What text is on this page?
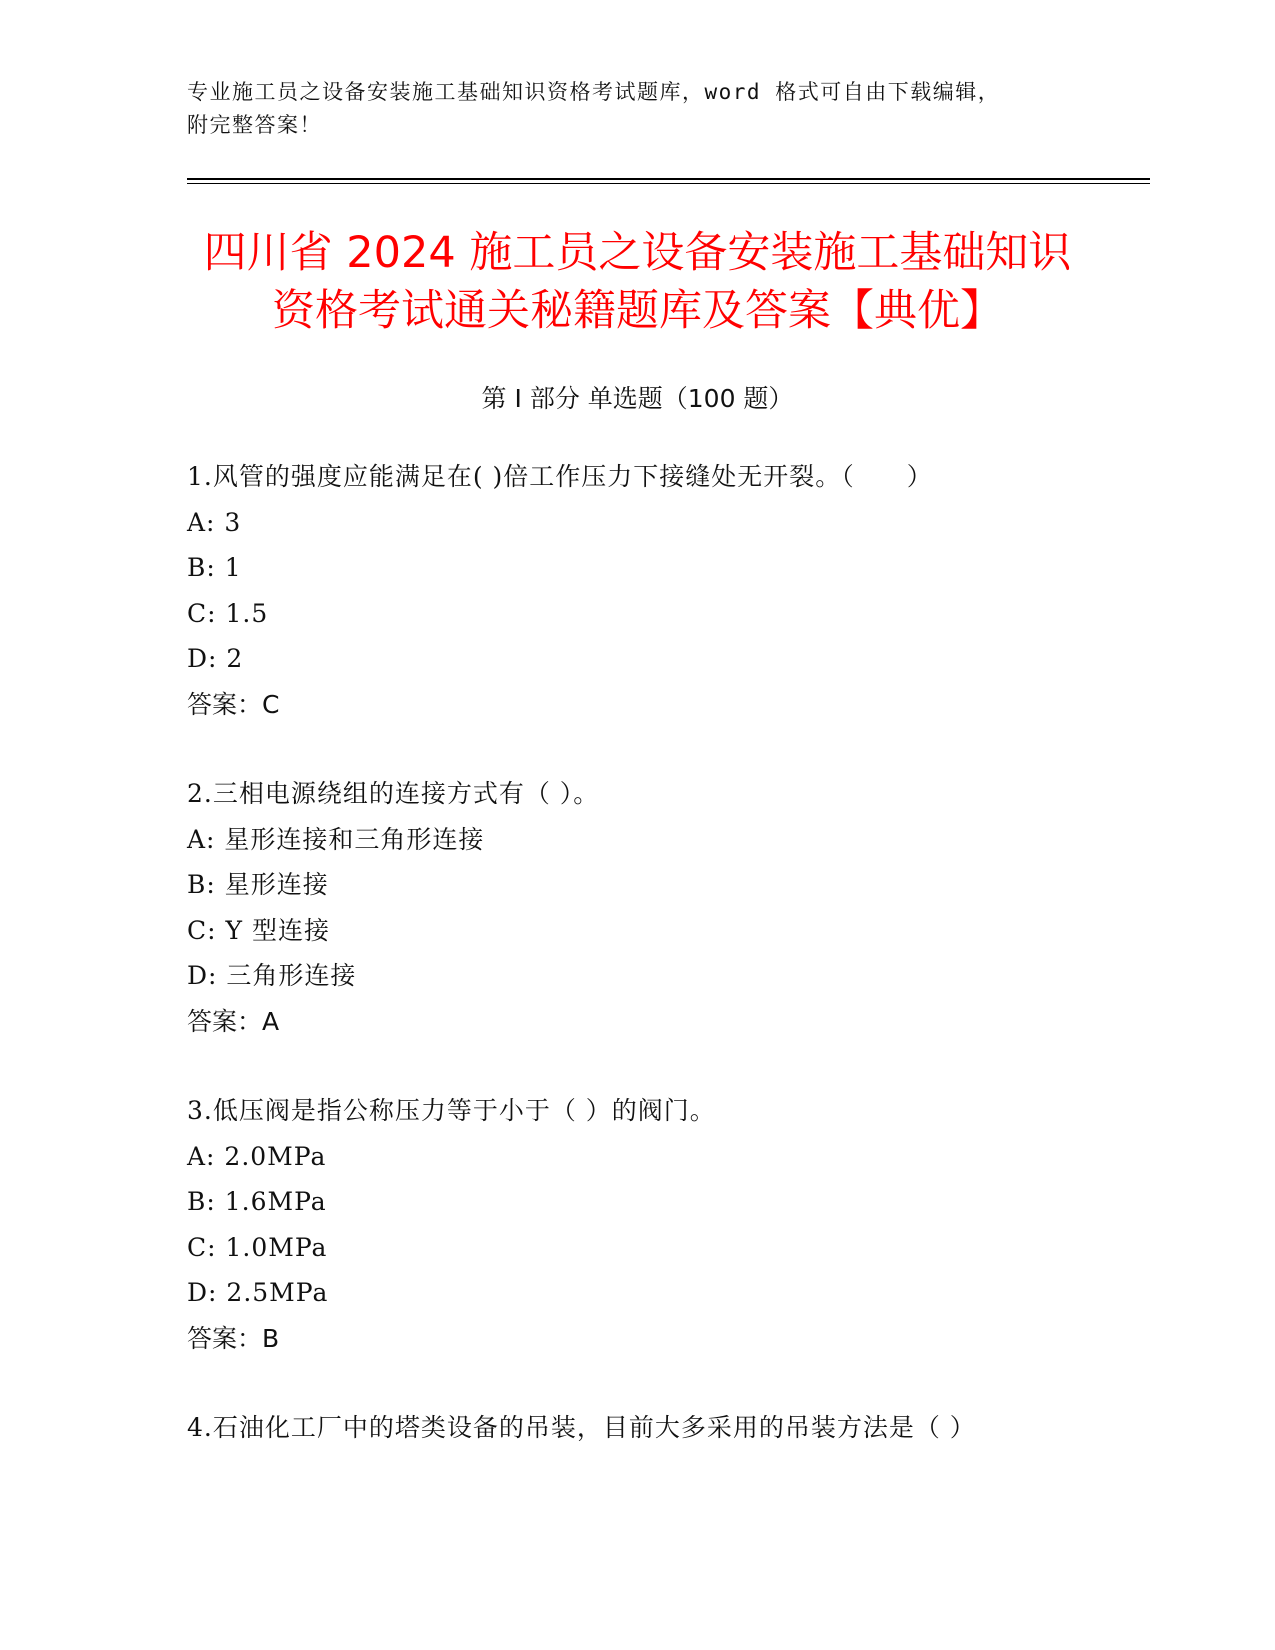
专业施工员之设备安装施工基础知识资格考试题库，word 格式可自由下载编辑，
附完整答案！
四川省 2024 施工员之设备安装施工基础知识
资格考试通关秘籍题库及答案【典优】
第 I 部分 单选题（100 题）
1.风管的强度应能满足在( )倍工作压力下接缝处无开裂。（　　）
A: 3
B: 1
C: 1.5
D: 2
答案：C
2.三相电源绕组的连接方式有（ ）。
A: 星形连接和三角形连接
B: 星形连接
C: Y 型连接
D: 三角形连接
答案：A
3.低压阀是指公称压力等于小于（ ）的阀门。
A: 2.0MPa
B: 1.6MPa
C: 1.0MPa
D: 2.5MPa
答案：B
4.石油化工厂中的塔类设备的吊装，目前大多采用的吊装方法是（ ）
